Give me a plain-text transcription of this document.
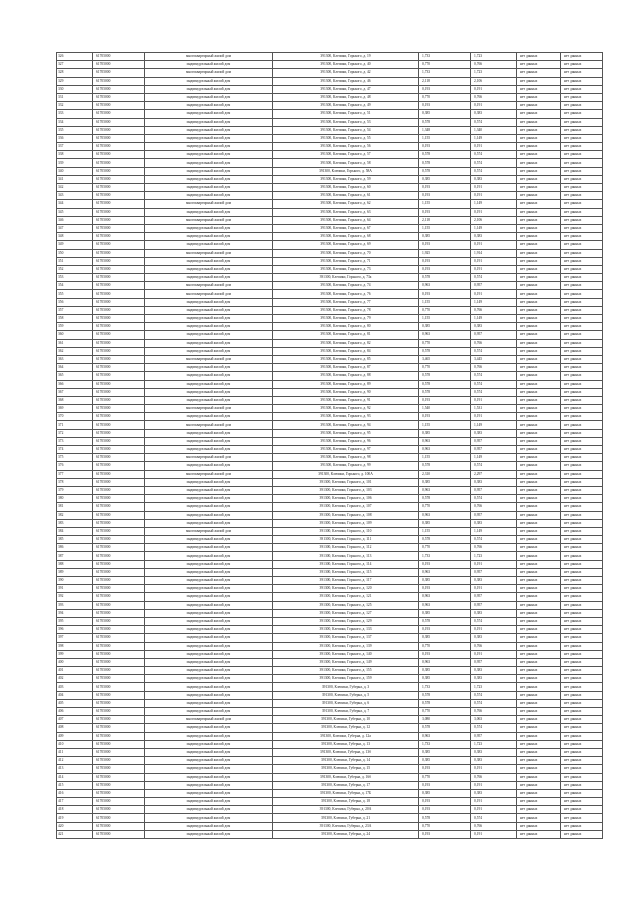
326	61705000	многоквартирный жилой дом	391300, Клепики, Горького, д. 19	1,733	1,723	нет данных	нет данных
327	61705000	индивидуальный жилой дом	391300, Клепики, Горького, д. 40	0,770	0,766	нет данных	нет данных
328	61705000	многоквартирный жилой дом	391300, Клепики, Горького, д. 42	1,733	1,723	нет данных	нет данных
329	61705000	индивидуальный жилой дом	391300, Клепики, Горького, д. 46	2,118	2,106	нет данных	нет данных
330	61705000	индивидуальный жилой дом	391300, Клепики, Горького, д. 47	0,193	0,191	нет данных	нет данных
331	61705000	индивидуальный жилой дом	391300, Клепики, Горького, д. 48	0,770	0,766	нет данных	нет данных
332	61705000	индивидуальный жилой дом	391300, Клепики, Горького, д. 49	0,193	0,191	нет данных	нет данных
333	61705000	индивидуальный жилой дом	391300, Клепики, Горького, д. 51	0,385	0,383	нет данных	нет данных
334	61705000	индивидуальный жилой дом	391300, Клепики, Горького, д. 53	0,578	0,574	нет данных	нет данных
335	61705000	индивидуальный жилой дом	391300, Клепики, Горького, д. 54	1,348	1,340	нет данных	нет данных
336	61705000	индивидуальный жилой дом	391300, Клепики, Горького, д. 55	1,155	1,149	нет данных	нет данных
337	61705000	индивидуальный жилой дом	391300, Клепики, Горького, д. 56	0,193	0,191	нет данных	нет данных
338	61705000	индивидуальный жилой дом	391300, Клепики, Горького, д. 57	0,578	0,574	нет данных	нет данных
339	61705000	индивидуальный жилой дом	391300, Клепики, Горького, д. 58	0,578	0,574	нет данных	нет данных
340	61705000	индивидуальный жилой дом	391300, Клепики, Горького, д. 58А	0,578	0,574	нет данных	нет данных
341	61705000	индивидуальный жилой дом	391300, Клепики, Горького, д. 59	0,385	0,383	нет данных	нет данных
342	61705000	индивидуальный жилой дом	391300, Клепики, Горького, д. 60	0,193	0,191	нет данных	нет данных
343	61705000	индивидуальный жилой дом	391300, Клепики, Горького, д. 61	0,193	0,191	нет данных	нет данных
344	61705000	многоквартирный жилой дом	391300, Клепики, Горького, д. 62	1,155	1,149	нет данных	нет данных
345	61705000	индивидуальный жилой дом	391300, Клепики, Горького, д. 63	0,193	0,191	нет данных	нет данных
346	61705000	многоквартирный жилой дом	391300, Клепики, Горького, д. 64	2,118	2,106	нет данных	нет данных
347	61705000	индивидуальный жилой дом	391300, Клепики, Горького, д. 67	1,155	1,149	нет данных	нет данных
348	61705000	индивидуальный жилой дом	391300, Клепики, Горького, д. 68	0,385	0,383	нет данных	нет данных
349	61705000	индивидуальный жилой дом	391300, Клепики, Горького, д. 69	0,193	0,191	нет данных	нет данных
350	61705000	многоквартирный жилой дом	391300, Клепики, Горького, д. 70	1,925	1,914	нет данных	нет данных
351	61705000	индивидуальный жилой дом	391300, Клепики, Горького, д. 71	0,193	0,191	нет данных	нет данных
352	61705000	индивидуальный жилой дом	391300, Клепики, Горького, д. 73	0,193	0,191	нет данных	нет данных
353	61705000	индивидуальный жилой дом	391300, Клепики, Горького, д. 73а	0,578	0,574	нет данных	нет данных
354	61705000	многоквартирный жилой дом	391300, Клепики, Горького, д. 74	0,963	0,957	нет данных	нет данных
355	61705000	многоквартирный жилой дом	391300, Клепики, Горького, д. 76	0,193	0,191	нет данных	нет данных
356	61705000	индивидуальный жилой дом	391300, Клепики, Горького, д. 77	1,155	1,149	нет данных	нет данных
357	61705000	индивидуальный жилой дом	391300, Клепики, Горького, д. 78	0,770	0,766	нет данных	нет данных
358	61705000	индивидуальный жилой дом	391300, Клепики, Горького, д. 79	1,155	1,149	нет данных	нет данных
359	61705000	индивидуальный жилой дом	391300, Клепики, Горького, д. 80	0,385	0,383	нет данных	нет данных
360	61705000	индивидуальный жилой дом	391300, Клепики, Горького, д. 81	0,963	0,957	нет данных	нет данных
361	61705000	индивидуальный жилой дом	391300, Клепики, Горького, д. 82	0,770	0,766	нет данных	нет данных
362	61705000	индивидуальный жилой дом	391300, Клепики, Горького, д. 84	0,578	0,574	нет данных	нет данных
363	61705000	многоквартирный жилой дом	391300, Клепики, Горького, д. 85	3,465	3,445	нет данных	нет данных
364	61705000	индивидуальный жилой дом	391300, Клепики, Горького, д. 87	0,770	0,766	нет данных	нет данных
365	61705000	индивидуальный жилой дом	391300, Клепики, Горького, д. 88	0,578	0,574	нет данных	нет данных
366	61705000	индивидуальный жилой дом	391300, Клепики, Горького, д. 89	0,578	0,574	нет данных	нет данных
367	61705000	индивидуальный жилой дом	391300, Клепики, Горького, д. 90	0,578	0,574	нет данных	нет данных
368	61705000	индивидуальный жилой дом	391300, Клепики, Горького, д. 91	0,193	0,191	нет данных	нет данных
369	61705000	многоквартирный жилой дом	391300, Клепики, Горького, д. 92	1,540	1,531	нет данных	нет данных
370	61705000	индивидуальный жилой дом	391300, Клепики, Горького, д. 93	0,193	0,191	нет данных	нет данных
371	61705000	многоквартирный жилой дом	391300, Клепики, Горького, д. 94	1,155	1,149	нет данных	нет данных
372	61705000	индивидуальный жилой дом	391300, Клепики, Горького, д. 95	0,385	0,383	нет данных	нет данных
373	61705000	индивидуальный жилой дом	391300, Клепики, Горького, д. 96	0,963	0,957	нет данных	нет данных
374	61705000	индивидуальный жилой дом	391300, Клепики, Горького, д. 97	0,963	0,957	нет данных	нет данных
375	61705000	многоквартирный жилой дом	391300, Клепики, Горького, д. 98	1,155	1,149	нет данных	нет данных
376	61705000	индивидуальный жилой дом	391300, Клепики, Горького, д. 99	0,578	0,574	нет данных	нет данных
377	61705000	многоквартирный жилой дом	391300, Клепики, Горького, д. 100А	2,310	2,297	нет данных	нет данных
378	61705000	индивидуальный жилой дом	391300, Клепики, Горького, д. 101	0,385	0,383	нет данных	нет данных
379	61705000	индивидуальный жилой дом	391300, Клепики, Горького, д. 103	0,963	0,957	нет данных	нет данных
380	61705000	индивидуальный жилой дом	391300, Клепики, Горького, д. 106	0,578	0,574	нет данных	нет данных
381	61705000	индивидуальный жилой дом	391300, Клепики, Горького, д. 107	0,770	0,766	нет данных	нет данных
382	61705000	индивидуальный жилой дом	391300, Клепики, Горького, д. 108	0,963	0,957	нет данных	нет данных
383	61705000	индивидуальный жилой дом	391300, Клепики, Горького, д. 109	0,385	0,383	нет данных	нет данных
384	61705000	многоквартирный жилой дом	391300, Клепики, Горького, д. 110	1,155	1,149	нет данных	нет данных
385	61705000	индивидуальный жилой дом	391300, Клепики, Горького, д. 111	0,578	0,574	нет данных	нет данных
386	61705000	индивидуальный жилой дом	391300, Клепики, Горького, д. 112	0,770	0,766	нет данных	нет данных
387	61705000	индивидуальный жилой дом	391300, Клепики, Горького, д. 113	1,733	1,723	нет данных	нет данных
388	61705000	индивидуальный жилой дом	391300, Клепики, Горького, д. 114	0,193	0,191	нет данных	нет данных
389	61705000	индивидуальный жилой дом	391300, Клепики, Горького, д. 115	0,963	0,957	нет данных	нет данных
390	61705000	индивидуальный жилой дом	391300, Клепики, Горького, д. 117	0,385	0,383	нет данных	нет данных
391	61705000	индивидуальный жилой дом	391300, Клепики, Горького, д. 120	0,193	0,191	нет данных	нет данных
392	61705000	индивидуальный жилой дом	391300, Клепики, Горького, д. 121	0,963	0,957	нет данных	нет данных
393	61705000	индивидуальный жилой дом	391300, Клепики, Горького, д. 125	0,963	0,957	нет данных	нет данных
394	61705000	индивидуальный жилой дом	391300, Клепики, Горького, д. 127	0,385	0,383	нет данных	нет данных
395	61705000	индивидуальный жилой дом	391300, Клепики, Горького, д. 129	0,578	0,574	нет данных	нет данных
396	61705000	индивидуальный жилой дом	391300, Клепики, Горького, д. 133	0,193	0,191	нет данных	нет данных
397	61705000	индивидуальный жилой дом	391300, Клепики, Горького, д. 137	0,385	0,383	нет данных	нет данных
398	61705000	индивидуальный жилой дом	391300, Клепики, Горького, д. 139	0,770	0,766	нет данных	нет данных
399	61705000	индивидуальный жилой дом	391300, Клепики, Горького, д. 140	0,193	0,191	нет данных	нет данных
400	61705000	индивидуальный жилой дом	391300, Клепики, Горького, д. 149	0,963	0,957	нет данных	нет данных
401	61705000	индивидуальный жилой дом	391300, Клепики, Горького, д. 155	0,385	0,383	нет данных	нет данных
402	61705000	индивидуальный жилой дом	391300, Клепики, Горького, д. 159	0,385	0,383	нет данных	нет данных
403	61705000	индивидуальный жилой дом	391300, Клепики, Губерна, д. 3	1,733	1,723	нет данных	нет данных
404	61705000	индивидуальный жилой дом	391300, Клепики, Губерна, д. 5	0,578	0,574	нет данных	нет данных
405	61705000	индивидуальный жилой дом	391300, Клепики, Губерна, д. 6	0,578	0,574	нет данных	нет данных
406	61705000	индивидуальный жилой дом	391300, Клепики, Губерна, д. 7	0,770	0,766	нет данных	нет данных
407	61705000	многоквартирный жилой дом	391300, Клепики, Губерна, д. 10	3,080	3,063	нет данных	нет данных
408	61705000	индивидуальный жилой дом	391300, Клепики, Губерна, д. 12	0,578	0,574	нет данных	нет данных
409	61705000	индивидуальный жилой дом	391300, Клепики, Губерна, д. 12а	0,963	0,957	нет данных	нет данных
410	61705000	индивидуальный жилой дом	391300, Клепики, Губерна, д. 13	1,733	1,723	нет данных	нет данных
411	61705000	индивидуальный жилой дом	391300, Клепики, Губерна, д. 13б	0,385	0,383	нет данных	нет данных
412	61705000	индивидуальный жилой дом	391300, Клепики, Губерна, д. 14	0,385	0,383	нет данных	нет данных
413	61705000	индивидуальный жилой дом	391300, Клепики, Губерна, д. 15	0,193	0,191	нет данных	нет данных
414	61705000	индивидуальный жилой дом	391300, Клепики, Губерна, д. 16б	0,770	0,766	нет данных	нет данных
415	61705000	индивидуальный жилой дом	391300, Клепики, Губерна, д. 17	0,193	0,191	нет данных	нет данных
416	61705000	индивидуальный жилой дом	391300, Клепики, Губерна, д. 17Б	0,385	0,383	нет данных	нет данных
417	61705000	индивидуальный жилой дом	391300, Клепики, Губерна, д. 18	0,193	0,191	нет данных	нет данных
418	61705000	индивидуальный жилой дом	391300, Клепики, Губерна, д. 20А	0,193	0,191	нет данных	нет данных
419	61705000	индивидуальный жилой дом	391300, Клепики, Губерна, д. 21	0,578	0,574	нет данных	нет данных
420	61705000	индивидуальный жилой дом	391300, Клепики, Губерна, д. 23А	0,770	0,766	нет данных	нет данных
421	61705000	индивидуальный жилой дом	391300, Клепики, Губерна, д. 24	0,193	0,191	нет данных	нет данных
